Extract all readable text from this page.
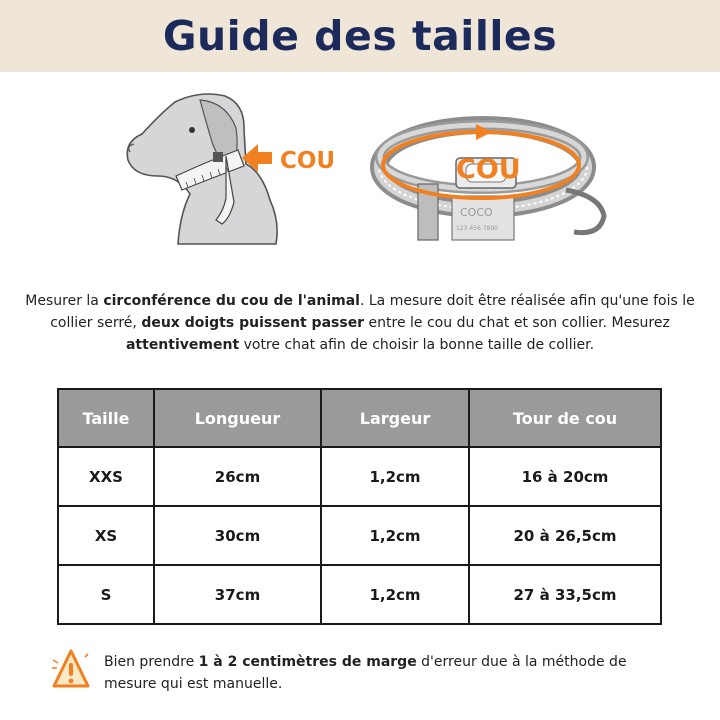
Guide des tailles
COU
COCO
123 456 7890
COU
Mesurer la circonférence du cou de l'animal. La mesure doit être réalisée afin qu'une fois le collier serré, deux doigts puissent passer entre le cou du chat et son collier. Mesurez attentivement votre chat afin de choisir la bonne taille de collier.
Taille	Longueur	Largeur	Tour de cou
XXS	26cm	1,2cm	16 à 20cm
XS	30cm	1,2cm	20 à 26,5cm
S	37cm	1,2cm	27 à 33,5cm
Bien prendre 1 à 2 centimètres de marge d'erreur due à la méthode de mesure qui est manuelle.
